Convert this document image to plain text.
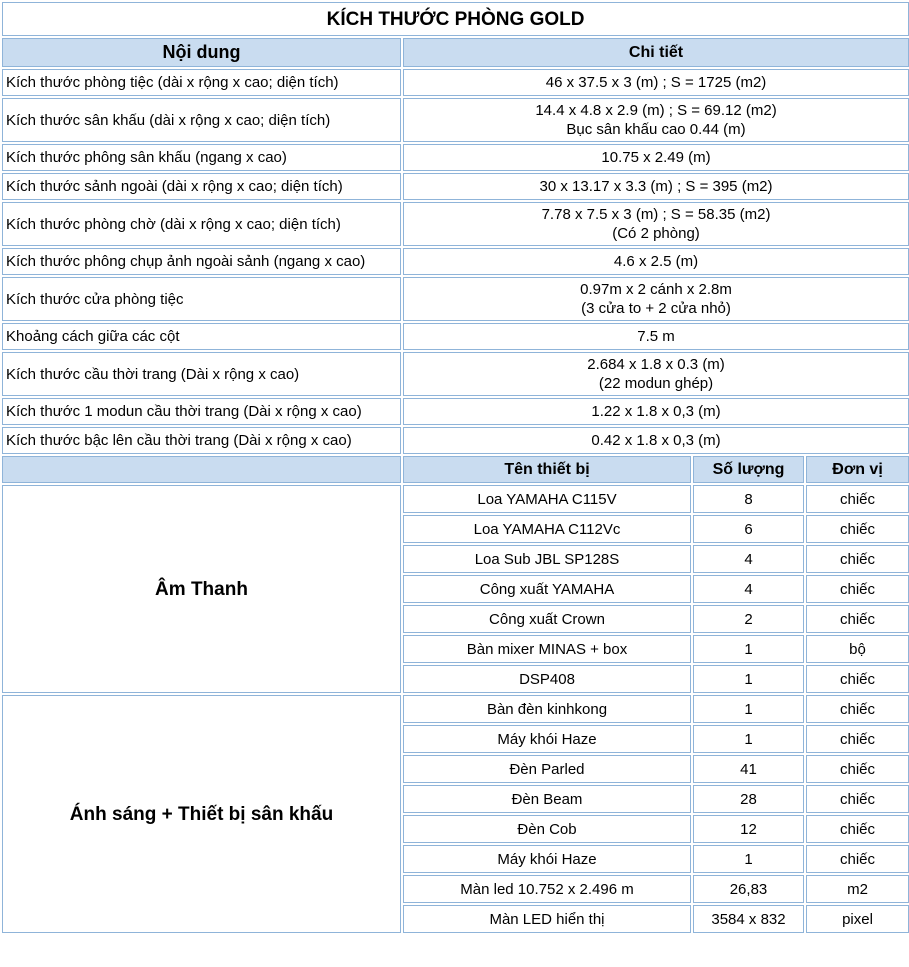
KÍCH THƯỚC PHÒNG GOLD			
Nội dung	Chi tiết		
Kích thước phòng tiệc (dài x rộng x cao; diện tích)	46 x 37.5 x 3 (m) ; S = 1725 (m2)		

Kích thước sân khấu (dài x rộng x cao; diện tích)	14.4 x 4.8 x 2.9 (m) ; S = 69.12 (m2)
Bục sân khấu cao 0.44 (m)		

Kích thước phông sân khấu (ngang x cao)	10.75 x 2.49 (m)		

Kích thước sảnh ngoài (dài x rộng x cao; diện tích)	30 x 13.17 x 3.3 (m) ; S = 395 (m2)		

Kích thước phòng chờ (dài x rộng x cao; diện tích)	7.78 x 7.5 x 3 (m) ; S = 58.35 (m2)
(Có 2 phòng)		

Kích thước phông chụp ảnh ngoài sảnh (ngang x cao)	4.6 x 2.5 (m)		

Kích thước cửa phòng tiệc	0.97m x 2 cánh x 2.8m
(3 cửa to + 2 cửa nhỏ)		

Khoảng cách giữa các cột	7.5 m		

Kích thước cầu thời trang (Dài x rộng x cao)	2.684 x 1.8 x 0.3 (m)
(22 modun ghép)		

Kích thước 1 modun cầu thời trang (Dài x rộng x cao)	1.22 x 1.8 x 0,3 (m)		

Kích thước bậc lên cầu thời trang (Dài x rộng x cao)	0.42 x 1.8 x 0,3 (m)		

	Tên thiết bị	Số lượng	Đơn vị
Âm Thanh	Loa YAMAHA C115V	8	chiếc
	Loa YAMAHA C112Vc	6	chiếc
	Loa Sub JBL SP128S	4	chiếc
	Công xuất YAMAHA	4	chiếc
	Công xuất Crown	2	chiếc
	Bàn mixer MINAS + box	1	bộ
	DSP408	1	chiếc
Ánh sáng + Thiết bị sân khấu	Bàn đèn kinhkong	1	chiếc
	Máy khói Haze	1	chiếc
	Đèn Parled	41	chiếc
	Đèn Beam	28	chiếc
	Đèn Cob	12	chiếc
	Máy khói Haze	1	chiếc
	Màn led 10.752 x 2.496 m	26,83	m2
	Màn LED hiển thị	3584 x 832	pixel
